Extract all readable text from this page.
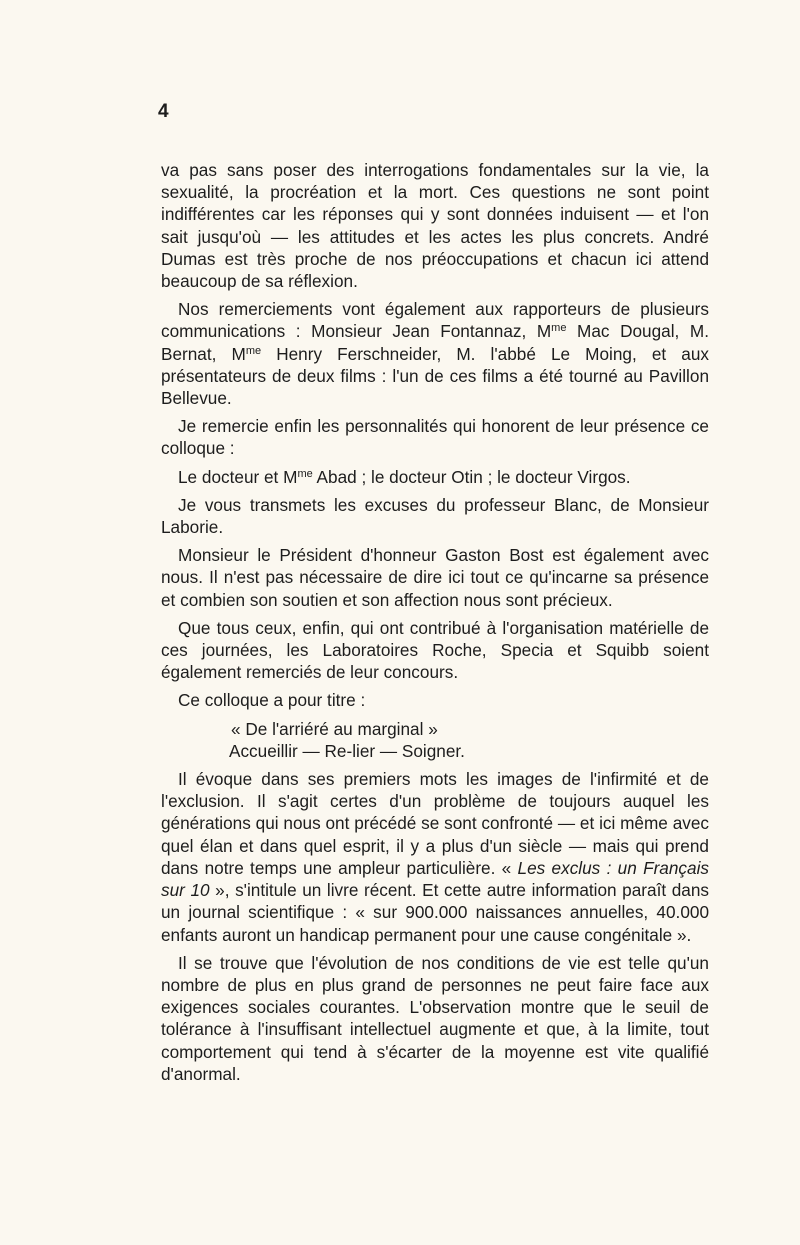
4

va pas sans poser des interrogations fondamentales sur la vie, la sexualité, la procréation et la mort. Ces questions ne sont point indifférentes car les réponses qui y sont données induisent — et l'on sait jusqu'où — les attitudes et les actes les plus concrets. André Dumas est très proche de nos préoccupations et chacun ici attend beaucoup de sa réflexion.

Nos remerciements vont également aux rapporteurs de plusieurs communications : Monsieur Jean Fontannaz, $M^{me}$ Mac Dougal, M. Bernat, $M^{me}$ Henry Ferschneider, M. l'abbé Le Moing, et aux présentateurs de deux films : l'un de ces films a été tourné au Pavillon Bellevue.

Je remercie enfin les personnalités qui honorent de leur présence ce colloque :

Le docteur et $M^{me}$ Abad ; le docteur Otin ; le docteur Virgos.

Je vous transmets les excuses du professeur Blanc, de Monsieur Laborie.

Monsieur le Président d'honneur Gaston Bost est également avec nous. Il n'est pas nécessaire de dire ici tout ce qu'incarne sa présence et combien son soutien et son affection nous sont précieux.

Que tous ceux, enfin, qui ont contribué à l'organisation matérielle de ces journées, les Laboratoires Roche, Specia et Squibb soient également remerciés de leur concours.

Ce colloque a pour titre :

« De l'arriéré au marginal »
Accueillir — Re-lier — Soigner.

Il évoque dans ses premiers mots les images de l'infirmité et de l'exclusion. Il s'agit certes d'un problème de toujours auquel les générations qui nous ont précédé se sont confronté — et ici même avec quel élan et dans quel esprit, il y a plus d'un siècle — mais qui prend dans notre temps une ampleur particulière. « Les exclus : un Français sur 10 », s'intitule un livre récent. Et cette autre information paraît dans un journal scientifique : « sur 900.000 naissances annuelles, 40.000 enfants auront un handicap permanent pour une cause congénitale ».

Il se trouve que l'évolution de nos conditions de vie est telle qu'un nombre de plus en plus grand de personnes ne peut faire face aux exigences sociales courantes. L'observation montre que le seuil de tolérance à l'insuffisant intellectuel augmente et que, à la limite, tout comportement qui tend à s'écarter de la moyenne est vite qualifié d'anormal.
